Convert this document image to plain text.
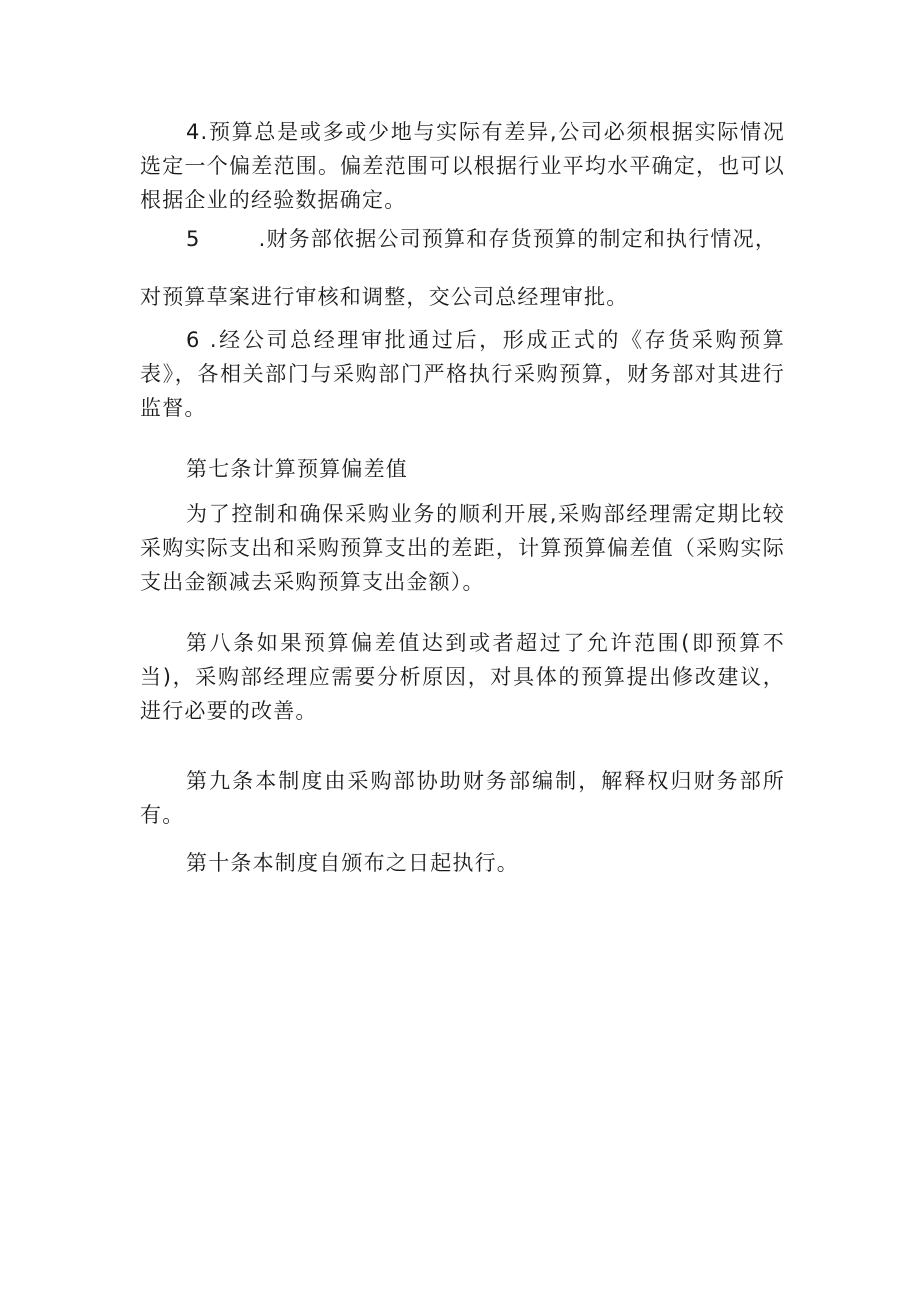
4.预算总是或多或少地与实际有差异,公司必须根据实际情况选定一个偏差范围。偏差范围可以根据行业平均水平确定，也可以根据企业的经验数据确定。

5	.财务部依据公司预算和存货预算的制定和执行情况，

对预算草案进行审核和调整，交公司总经理审批。

6 .经公司总经理审批通过后，形成正式的《存货采购预算表》，各相关部门与采购部门严格执行采购预算，财务部对其进行监督。

第七条计算预算偏差值

为了控制和确保采购业务的顺利开展,采购部经理需定期比较采购实际支出和采购预算支出的差距，计算预算偏差值（采购实际支出金额减去采购预算支出金额）。

第八条如果预算偏差值达到或者超过了允许范围(即预算不当)，采购部经理应需要分析原因，对具体的预算提出修改建议，进行必要的改善。

第九条本制度由采购部协助财务部编制，解释权归财务部所有。

第十条本制度自颁布之日起执行。
